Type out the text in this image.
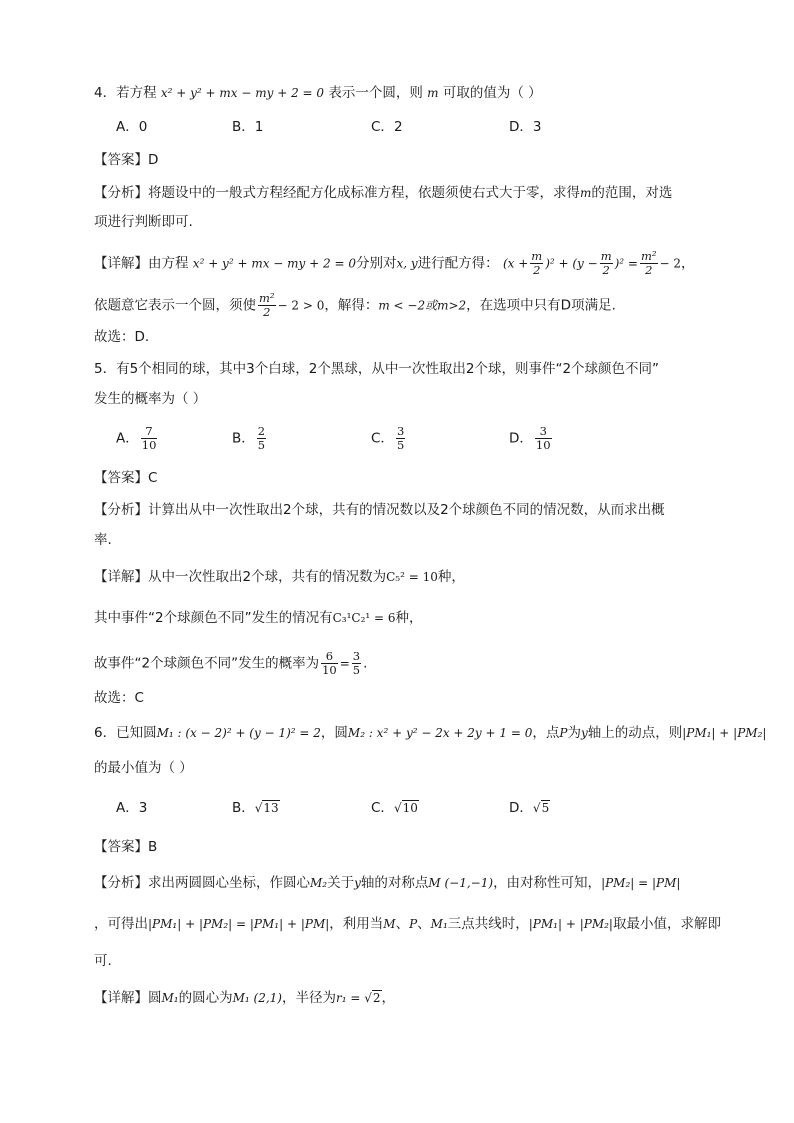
4．若方程 x² + y² + mx − my + 2 = 0 表示一个圆，则 m 可取的值为（ ）
A．0	B．1	C．2	D．3
【答案】D
【分析】将题设中的一般式方程经配方化成标准方程，依题须使右式大于零，求得m的范围，对选
项进行判断即可.
【详解】由方程 x² + y² + mx − my + 2 = 0分别对x, y进行配方得： $(x + \frac{m}{2} )^2 + (y - \frac{m}{2} )^2 = \frac{\text{m²}}{2} - 2$，
依题意它表示一个圆，须使 $\frac{\text{m²}}{2} - 2 > 0$，解得：m < −2或m>2，在选项中只有D项满足.
故选：D.
5．有5个相同的球，其中3个白球，2个黑球，从中一次性取出2个球，则事件“2个球颜色不同”
发生的概率为（ ）
A． $\frac{7}{10}$	B． $\frac{2}{5}$	C． $\frac{3}{5}$	D． $\frac{3}{10}$
【答案】C
【分析】计算出从中一次性取出2个球，共有的情况数以及2个球颜色不同的情况数，从而求出概
率.
【详解】从中一次性取出2个球，共有的情况数为C₅² = 10种，
其中事件“2个球颜色不同”发生的情况有C₃¹C₂¹ = 6种，
故事件“2个球颜色不同”发生的概率为 $\frac{6}{10} = \frac{3}{5}$ .
故选：C
6．已知圆M₁ : (x − 2)² + (y − 1)² = 2，圆M₂ : x² + y² − 2x + 2y + 1 = 0，点P为y轴上的动点，则|PM₁| + |PM₂|
的最小值为（ ）
A．3	B．√13	C．√10	D．√5
【答案】B
【分析】求出两圆圆心坐标，作圆心M₂关于y轴的对称点M (−1,−1)，由对称性可知，|PM₂| = |PM|
，可得出|PM₁| + |PM₂| = |PM₁| + |PM|，利用当M、P、M₁三点共线时，|PM₁| + |PM₂|取最小值，求解即
可.
【详解】圆M₁的圆心为M₁ (2,1)，半径为r₁ = √2，
